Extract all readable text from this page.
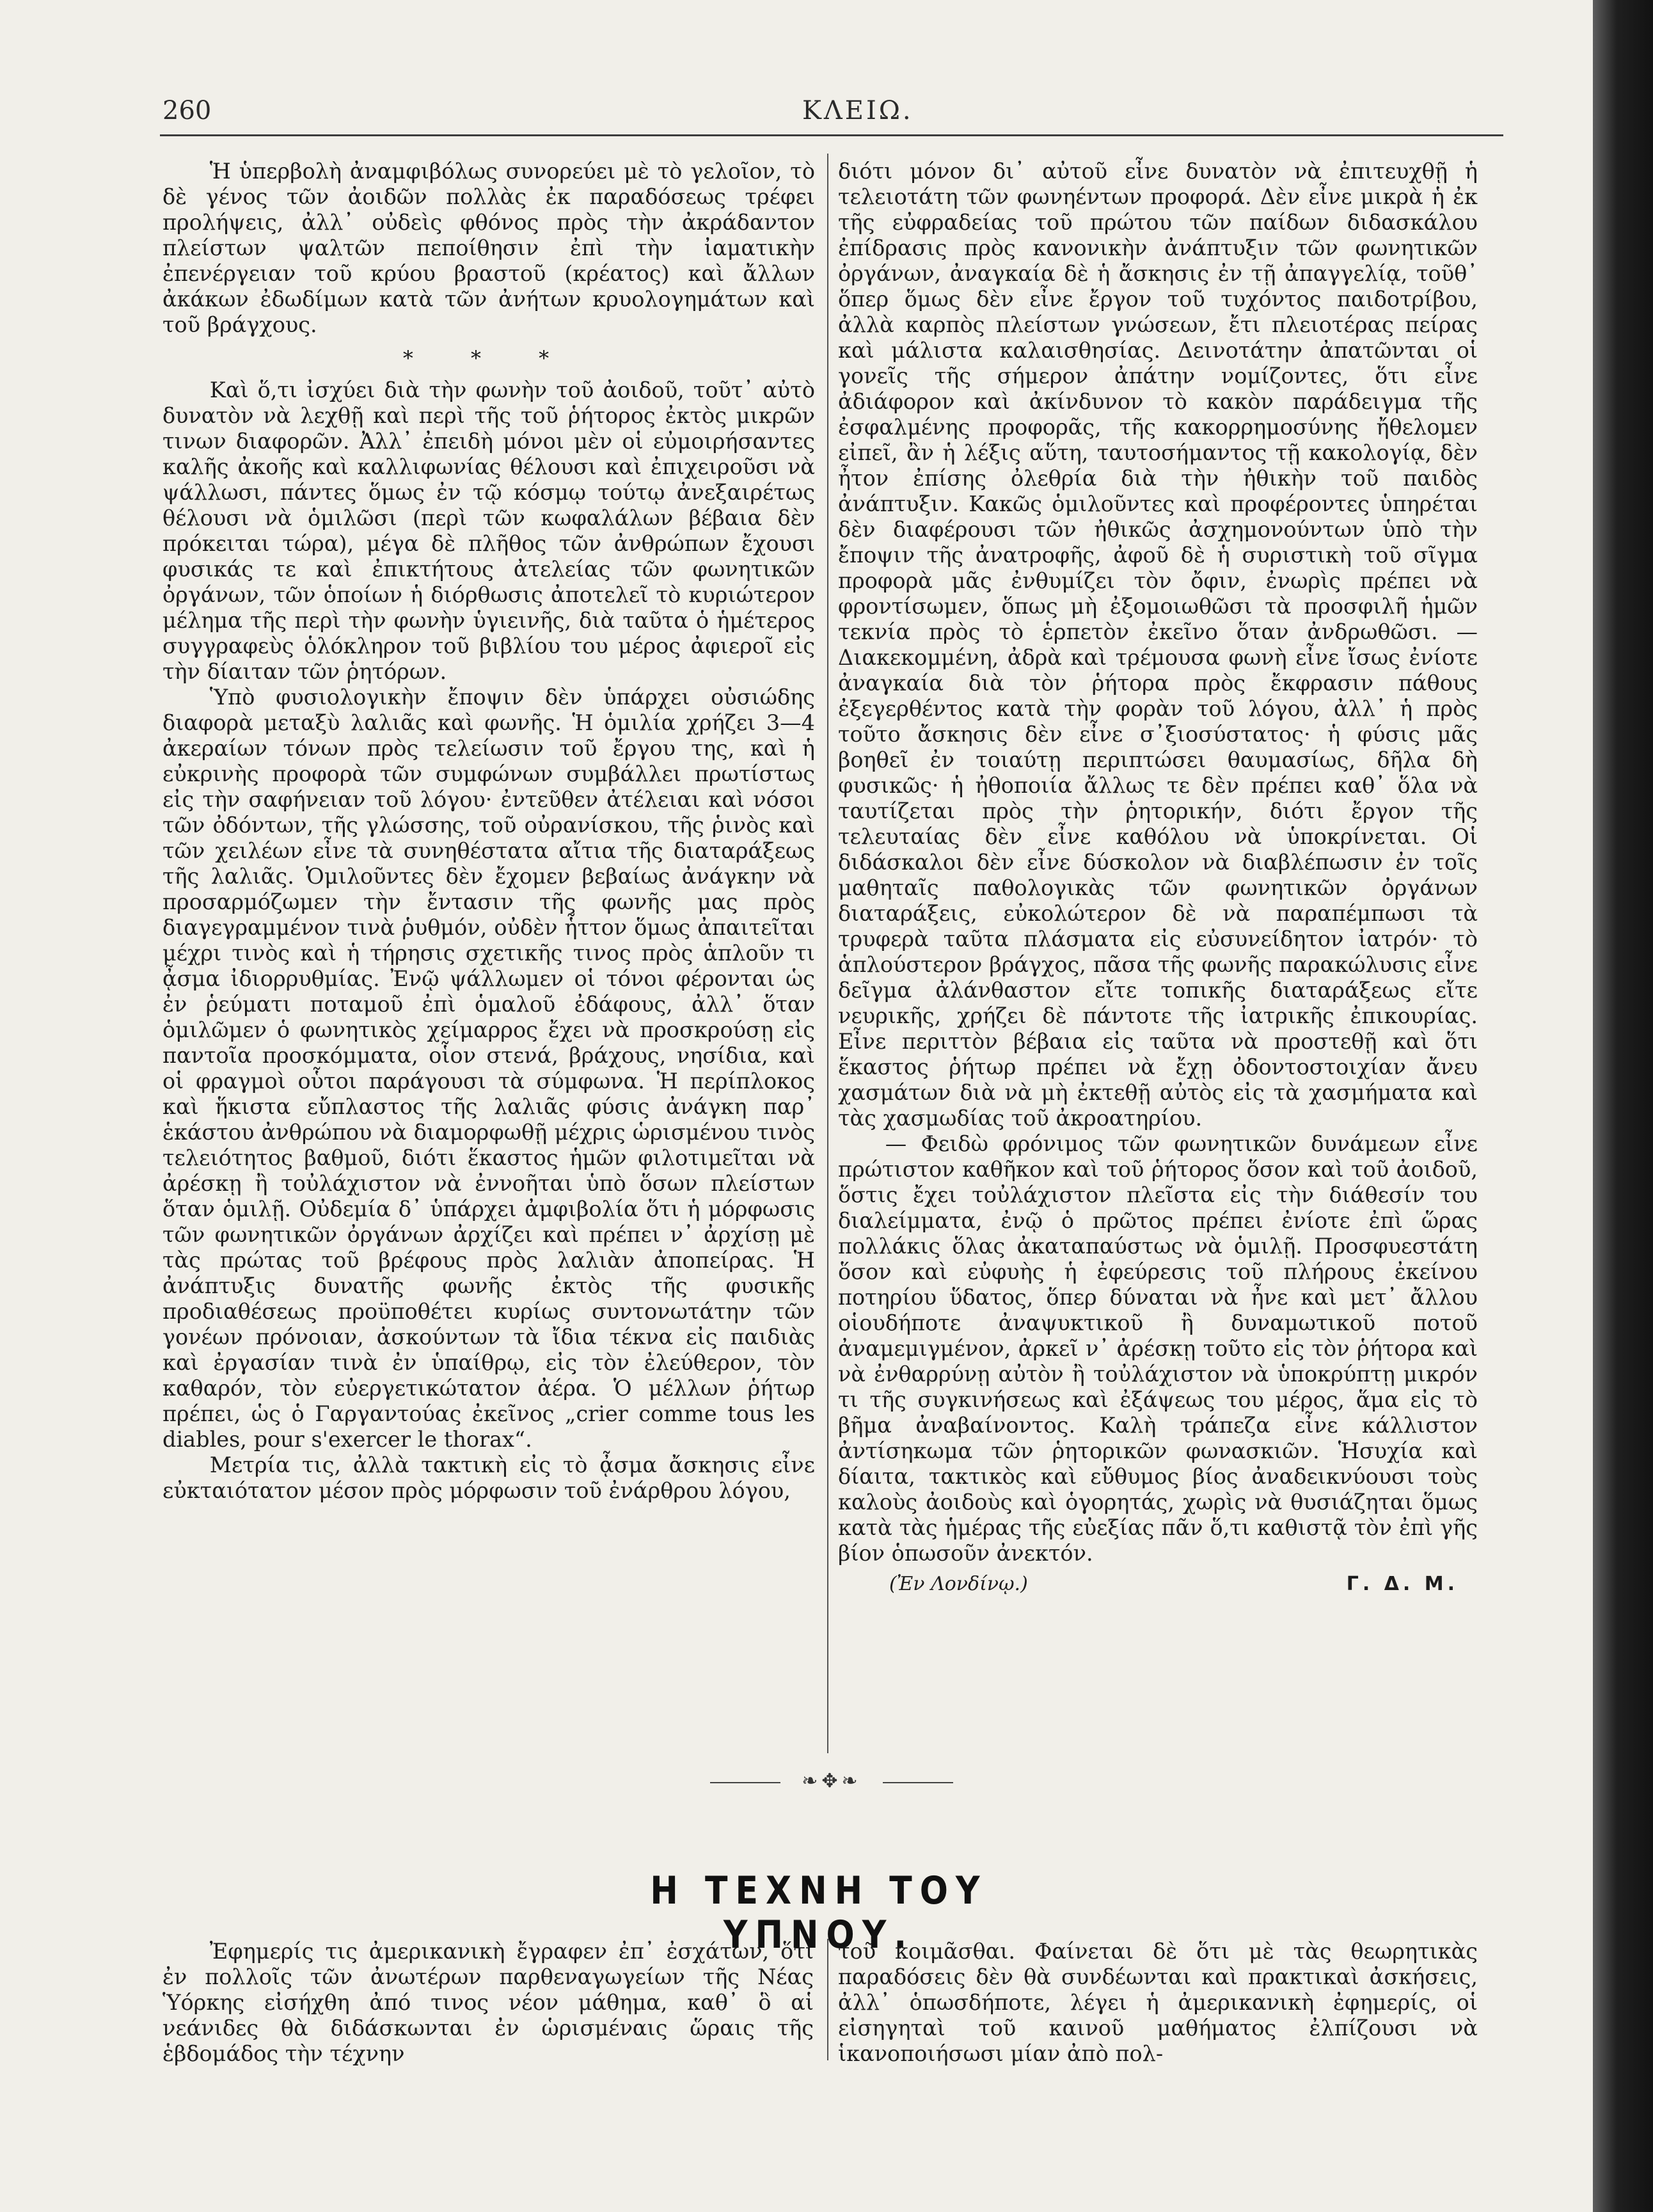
260	ΚΛΕΙΩ.

Ἡ ὑπερβολὴ ἀναμφιβόλως συνορεύει μὲ τὸ γελοῖον, τὸ δὲ γένος τῶν ἀοιδῶν πολλὰς ἐκ παραδόσεως τρέφει προλήψεις, ἀλλ᾽ οὐδεὶς φθόνος πρὸς τὴν ἀκράδαντον πλείστων ψαλτῶν πεποίθησιν ἐπὶ τὴν ἰαματικὴν ἐπενέργειαν τοῦ κρύου βραστοῦ (κρέατος) καὶ ἄλλων ἀκάκων ἐδωδίμων κατὰ τῶν ἀνήτων κρυολογημάτων καὶ τοῦ βράγχους.

* * *

Καὶ ὅ,τι ἰσχύει διὰ τὴν φωνὴν τοῦ ἀοιδοῦ, τοῦτ᾽ αὐτὸ δυνατὸν νὰ λεχθῇ καὶ περὶ τῆς τοῦ ῥήτορος ἐκτὸς μικρῶν τινων διαφορῶν. Ἀλλ᾽ ἐπειδὴ μόνοι μὲν οἱ εὐμοιρήσαντες καλῆς ἀκοῆς καὶ καλλιφωνίας θέλουσι καὶ ἐπιχειροῦσι νὰ ψάλλωσι, πάντες ὅμως ἐν τῷ κόσμῳ τούτῳ ἀνεξαιρέτως θέλουσι νὰ ὁμιλῶσι (περὶ τῶν κωφαλάλων βέβαια δὲν πρόκειται τώρα), μέγα δὲ πλῆθος τῶν ἀνθρώπων ἔχουσι φυσικάς τε καὶ ἐπικτήτους ἀτελείας τῶν φωνητικῶν ὀργάνων, τῶν ὁποίων ἡ διόρθωσις ἀποτελεῖ τὸ κυριώτερον μέλημα τῆς περὶ τὴν φωνὴν ὑγιεινῆς, διὰ ταῦτα ὁ ἡμέτερος συγγραφεὺς ὁλόκληρον τοῦ βιβλίου του μέρος ἀφιεροῖ εἰς τὴν δίαιταν τῶν ῥητόρων.

Ὑπὸ φυσιολογικὴν ἔποψιν δὲν ὑπάρχει οὐσιώδης διαφορὰ μεταξὺ λαλιᾶς καὶ φωνῆς. Ἡ ὁμιλία χρήζει 3—4 ἀκεραίων τόνων πρὸς τελείωσιν τοῦ ἔργου της, καὶ ἡ εὐκρινὴς προφορὰ τῶν συμφώνων συμβάλλει πρωτίστως εἰς τὴν σαφήνειαν τοῦ λόγου· ἐντεῦθεν ἀτέλειαι καὶ νόσοι τῶν ὀδόντων, τῆς γλώσσης, τοῦ οὐρανίσκου, τῆς ῥινὸς καὶ τῶν χειλέων εἶνε τὰ συνηθέστατα αἴτια τῆς διαταράξεως τῆς λαλιᾶς. Ὁμιλοῦντες δὲν ἔχομεν βεβαίως ἀνάγκην νὰ προσαρμόζωμεν τὴν ἔντασιν τῆς φωνῆς μας πρὸς διαγεγραμμένον τινὰ ῥυθμόν, οὐδὲν ἧττον ὅμως ἀπαιτεῖται μέχρι τινὸς καὶ ἡ τήρησις σχετικῆς τινος πρὸς ἁπλοῦν τι ᾆσμα ἰδιορρυθμίας. Ἐνῷ ψάλλωμεν οἱ τόνοι φέρονται ὡς ἐν ῥεύματι ποταμοῦ ἐπὶ ὁμαλοῦ ἐδάφους, ἀλλ᾽ ὅταν ὁμιλῶμεν ὁ φωνητικὸς χείμαρρος ἔχει νὰ προσκρούσῃ εἰς παντοῖα προσκόμματα, οἷον στενά, βράχους, νησίδια, καὶ οἱ φραγμοὶ οὗτοι παράγουσι τὰ σύμφωνα. Ἡ περίπλοκος καὶ ἥκιστα εὔπλαστος τῆς λαλιᾶς φύσις ἀνάγκη παρ᾽ ἑκάστου ἀνθρώπου νὰ διαμορφωθῇ μέχρις ὡρισμένου τινὸς τελειότητος βαθμοῦ, διότι ἕκαστος ἡμῶν φιλοτιμεῖται νὰ ἀρέσκῃ ἢ τοὐλάχιστον νὰ ἐννοῆται ὑπὸ ὅσων πλείστων ὅταν ὁμιλῇ. Οὐδεμία δ᾽ ὑπάρχει ἀμφιβολία ὅτι ἡ μόρφωσις τῶν φωνητικῶν ὀργάνων ἀρχίζει καὶ πρέπει ν᾽ ἀρχίσῃ μὲ τὰς πρώτας τοῦ βρέφους πρὸς λαλιὰν ἀποπείρας. Ἡ ἀνάπτυξις δυνατῆς φωνῆς ἐκτὸς τῆς φυσικῆς προδιαθέσεως προϋποθέτει κυρίως συντονωτάτην τῶν γονέων πρόνοιαν, ἀσκούντων τὰ ἴδια τέκνα εἰς παιδιὰς καὶ ἐργασίαν τινὰ ἐν ὑπαίθρῳ, εἰς τὸν ἐλεύθερον, τὸν καθαρόν, τὸν εὐεργετικώτατον ἀέρα. Ὁ μέλλων ῥήτωρ πρέπει, ὡς ὁ Γαργαντούας ἐκεῖνος „crier comme tous les diables, pour s'exercer le thorax“.

Μετρία τις, ἀλλὰ τακτικὴ εἰς τὸ ᾆσμα ἄσκησις εἶνε εὐκταιότατον μέσον πρὸς μόρφωσιν τοῦ ἐνάρθρου λόγου,

διότι μόνον δι᾽ αὐτοῦ εἶνε δυνατὸν νὰ ἐπιτευχθῇ ἡ τελειοτάτη τῶν φωνηέντων προφορά. Δὲν εἶνε μικρὰ ἡ ἐκ τῆς εὐφραδείας τοῦ πρώτου τῶν παίδων διδασκάλου ἐπίδρασις πρὸς κανονικὴν ἀνάπτυξιν τῶν φωνητικῶν ὀργάνων, ἀναγκαία δὲ ἡ ἄσκησις ἐν τῇ ἀπαγγελίᾳ, τοῦθ᾽ ὅπερ ὅμως δὲν εἶνε ἔργον τοῦ τυχόντος παιδοτρίβου, ἀλλὰ καρπὸς πλείστων γνώσεων, ἔτι πλειοτέρας πείρας καὶ μάλιστα καλαισθησίας. Δεινοτάτην ἀπατῶνται οἱ γονεῖς τῆς σήμερον ἀπάτην νομίζοντες, ὅτι εἶνε ἀδιάφορον καὶ ἀκίνδυνον τὸ κακὸν παράδειγμα τῆς ἐσφαλμένης προφορᾶς, τῆς κακορρημοσύνης ἤθελομεν εἰπεῖ, ἂν ἡ λέξις αὕτη, ταυτοσήμαντος τῇ κακολογίᾳ, δὲν ἦτον ἐπίσης ὀλεθρία διὰ τὴν ἠθικὴν τοῦ παιδὸς ἀνάπτυξιν. Κακῶς ὁμιλοῦντες καὶ προφέροντες ὑπηρέται δὲν διαφέρουσι τῶν ἠθικῶς ἀσχημονούντων ὑπὸ τὴν ἔποψιν τῆς ἀνατροφῆς, ἀφοῦ δὲ ἡ συριστικὴ τοῦ σῖγμα προφορὰ μᾶς ἐνθυμίζει τὸν ὄφιν, ἐνωρὶς πρέπει νὰ φροντίσωμεν, ὅπως μὴ ἐξομοιωθῶσι τὰ προσφιλῆ ἡμῶν τεκνία πρὸς τὸ ἑρπετὸν ἐκεῖνο ὅταν ἀνδρωθῶσι. — Διακεκομμένη, ἀδρὰ καὶ τρέμουσα φωνὴ εἶνε ἴσως ἐνίοτε ἀναγκαία διὰ τὸν ῥήτορα πρὸς ἔκφρασιν πάθους ἐξεγερθέντος κατὰ τὴν φορὰν τοῦ λόγου, ἀλλ᾽ ἡ πρὸς τοῦτο ἄσκησις δὲν εἶνε σ᾽ξιοσύστατος· ἡ φύσις μᾶς βοηθεῖ ἐν τοιαύτῃ περιπτώσει θαυμασίως, δῆλα δὴ φυσικῶς· ἡ ἠθοποιία ἄλλως τε δὲν πρέπει καθ᾽ ὅλα νὰ ταυτίζεται πρὸς τὴν ῥητορικήν, διότι ἔργον τῆς τελευταίας δὲν εἶνε καθόλου νὰ ὑποκρίνεται. Οἱ διδάσκαλοι δὲν εἶνε δύσκολον νὰ διαβλέπωσιν ἐν τοῖς μαθηταῖς παθολογικὰς τῶν φωνητικῶν ὀργάνων διαταράξεις, εὐκολώτερον δὲ νὰ παραπέμπωσι τὰ τρυφερὰ ταῦτα πλάσματα εἰς εὐσυνείδητον ἰατρόν· τὸ ἁπλούστερον βράγχος, πᾶσα τῆς φωνῆς παρακώλυσις εἶνε δεῖγμα ἀλάνθαστον εἴτε τοπικῆς διαταράξεως εἴτε νευρικῆς, χρήζει δὲ πάντοτε τῆς ἰατρικῆς ἐπικουρίας. Εἶνε περιττὸν βέβαια εἰς ταῦτα νὰ προστεθῇ καὶ ὅτι ἕκαστος ῥήτωρ πρέπει νὰ ἔχῃ ὀδοντοστοιχίαν ἄνευ χασμάτων διὰ νὰ μὴ ἐκτεθῇ αὐτὸς εἰς τὰ χασμήματα καὶ τὰς χασμωδίας τοῦ ἀκροατηρίου.

— Φειδὼ φρόνιμος τῶν φωνητικῶν δυνάμεων εἶνε πρώτιστον καθῆκον καὶ τοῦ ῥήτορος ὅσον καὶ τοῦ ἀοιδοῦ, ὅστις ἔχει τοὐλάχιστον πλεῖστα εἰς τὴν διάθεσίν του διαλείμματα, ἐνῷ ὁ πρῶτος πρέπει ἐνίοτε ἐπὶ ὥρας πολλάκις ὅλας ἀκαταπαύστως νὰ ὁμιλῇ. Προσφυεστάτη ὅσον καὶ εὐφυὴς ἡ ἐφεύρεσις τοῦ πλήρους ἐκείνου ποτηρίου ὕδατος, ὅπερ δύναται νὰ ἦνε καὶ μετ᾽ ἄλλου οἱουδήποτε ἀναψυκτικοῦ ἢ δυναμωτικοῦ ποτοῦ ἀναμεμιγμένον, ἀρκεῖ ν᾽ ἀρέσκῃ τοῦτο εἰς τὸν ῥήτορα καὶ νὰ ἐνθαρρύνῃ αὐτὸν ἢ τοὐλάχιστον νὰ ὑποκρύπτῃ μικρόν τι τῆς συγκινήσεως καὶ ἐξάψεως του μέρος, ἅμα εἰς τὸ βῆμα ἀναβαίνοντος. Καλὴ τράπεζα εἶνε κάλλιστον ἀντίσηκωμα τῶν ῥητορικῶν φωνασκιῶν. Ἡσυχία καὶ δίαιτα, τακτικὸς καὶ εὔθυμος βίος ἀναδεικνύουσι τοὺς καλοὺς ἀοιδοὺς καὶ ὁγορητάς, χωρὶς νὰ θυσιάζηται ὅμως κατὰ τὰς ἡμέρας τῆς εὐεξίας πᾶν ὅ,τι καθιστᾷ τὸν ἐπὶ γῆς βίον ὁπωσοῦν ἀνεκτόν.

(Ἐν Λονδίνῳ.)	Γ. Δ. Μ.
❧✥❧
Η ΤΕΧΝΗ ΤΟΥ ΥΠΝΟΥ.

Ἐφημερίς τις ἀμερικανικὴ ἔγραφεν ἐπ᾽ ἐσχάτων, ὅτι ἐν πολλοῖς τῶν ἀνωτέρων παρθεναγωγείων τῆς Νέας Ὑόρκης εἰσήχθη ἀπό τινος νέον μάθημα, καθ᾽ ὃ αἱ νεάνιδες θὰ διδάσκωνται ἐν ὡρισμέναις ὥραις τῆς ἑβδομάδος τὴν τέχνην

τοῦ κοιμᾶσθαι. Φαίνεται δὲ ὅτι μὲ τὰς θεωρητικὰς παραδόσεις δὲν θὰ συνδέωνται καὶ πρακτικαὶ ἀσκήσεις, ἀλλ᾽ ὁπωσδήποτε, λέγει ἡ ἀμερικανικὴ ἐφημερίς, οἱ εἰσηγηταὶ τοῦ καινοῦ μαθήματος ἐλπίζουσι νὰ ἱκανοποιήσωσι μίαν ἀπὸ πολ-
